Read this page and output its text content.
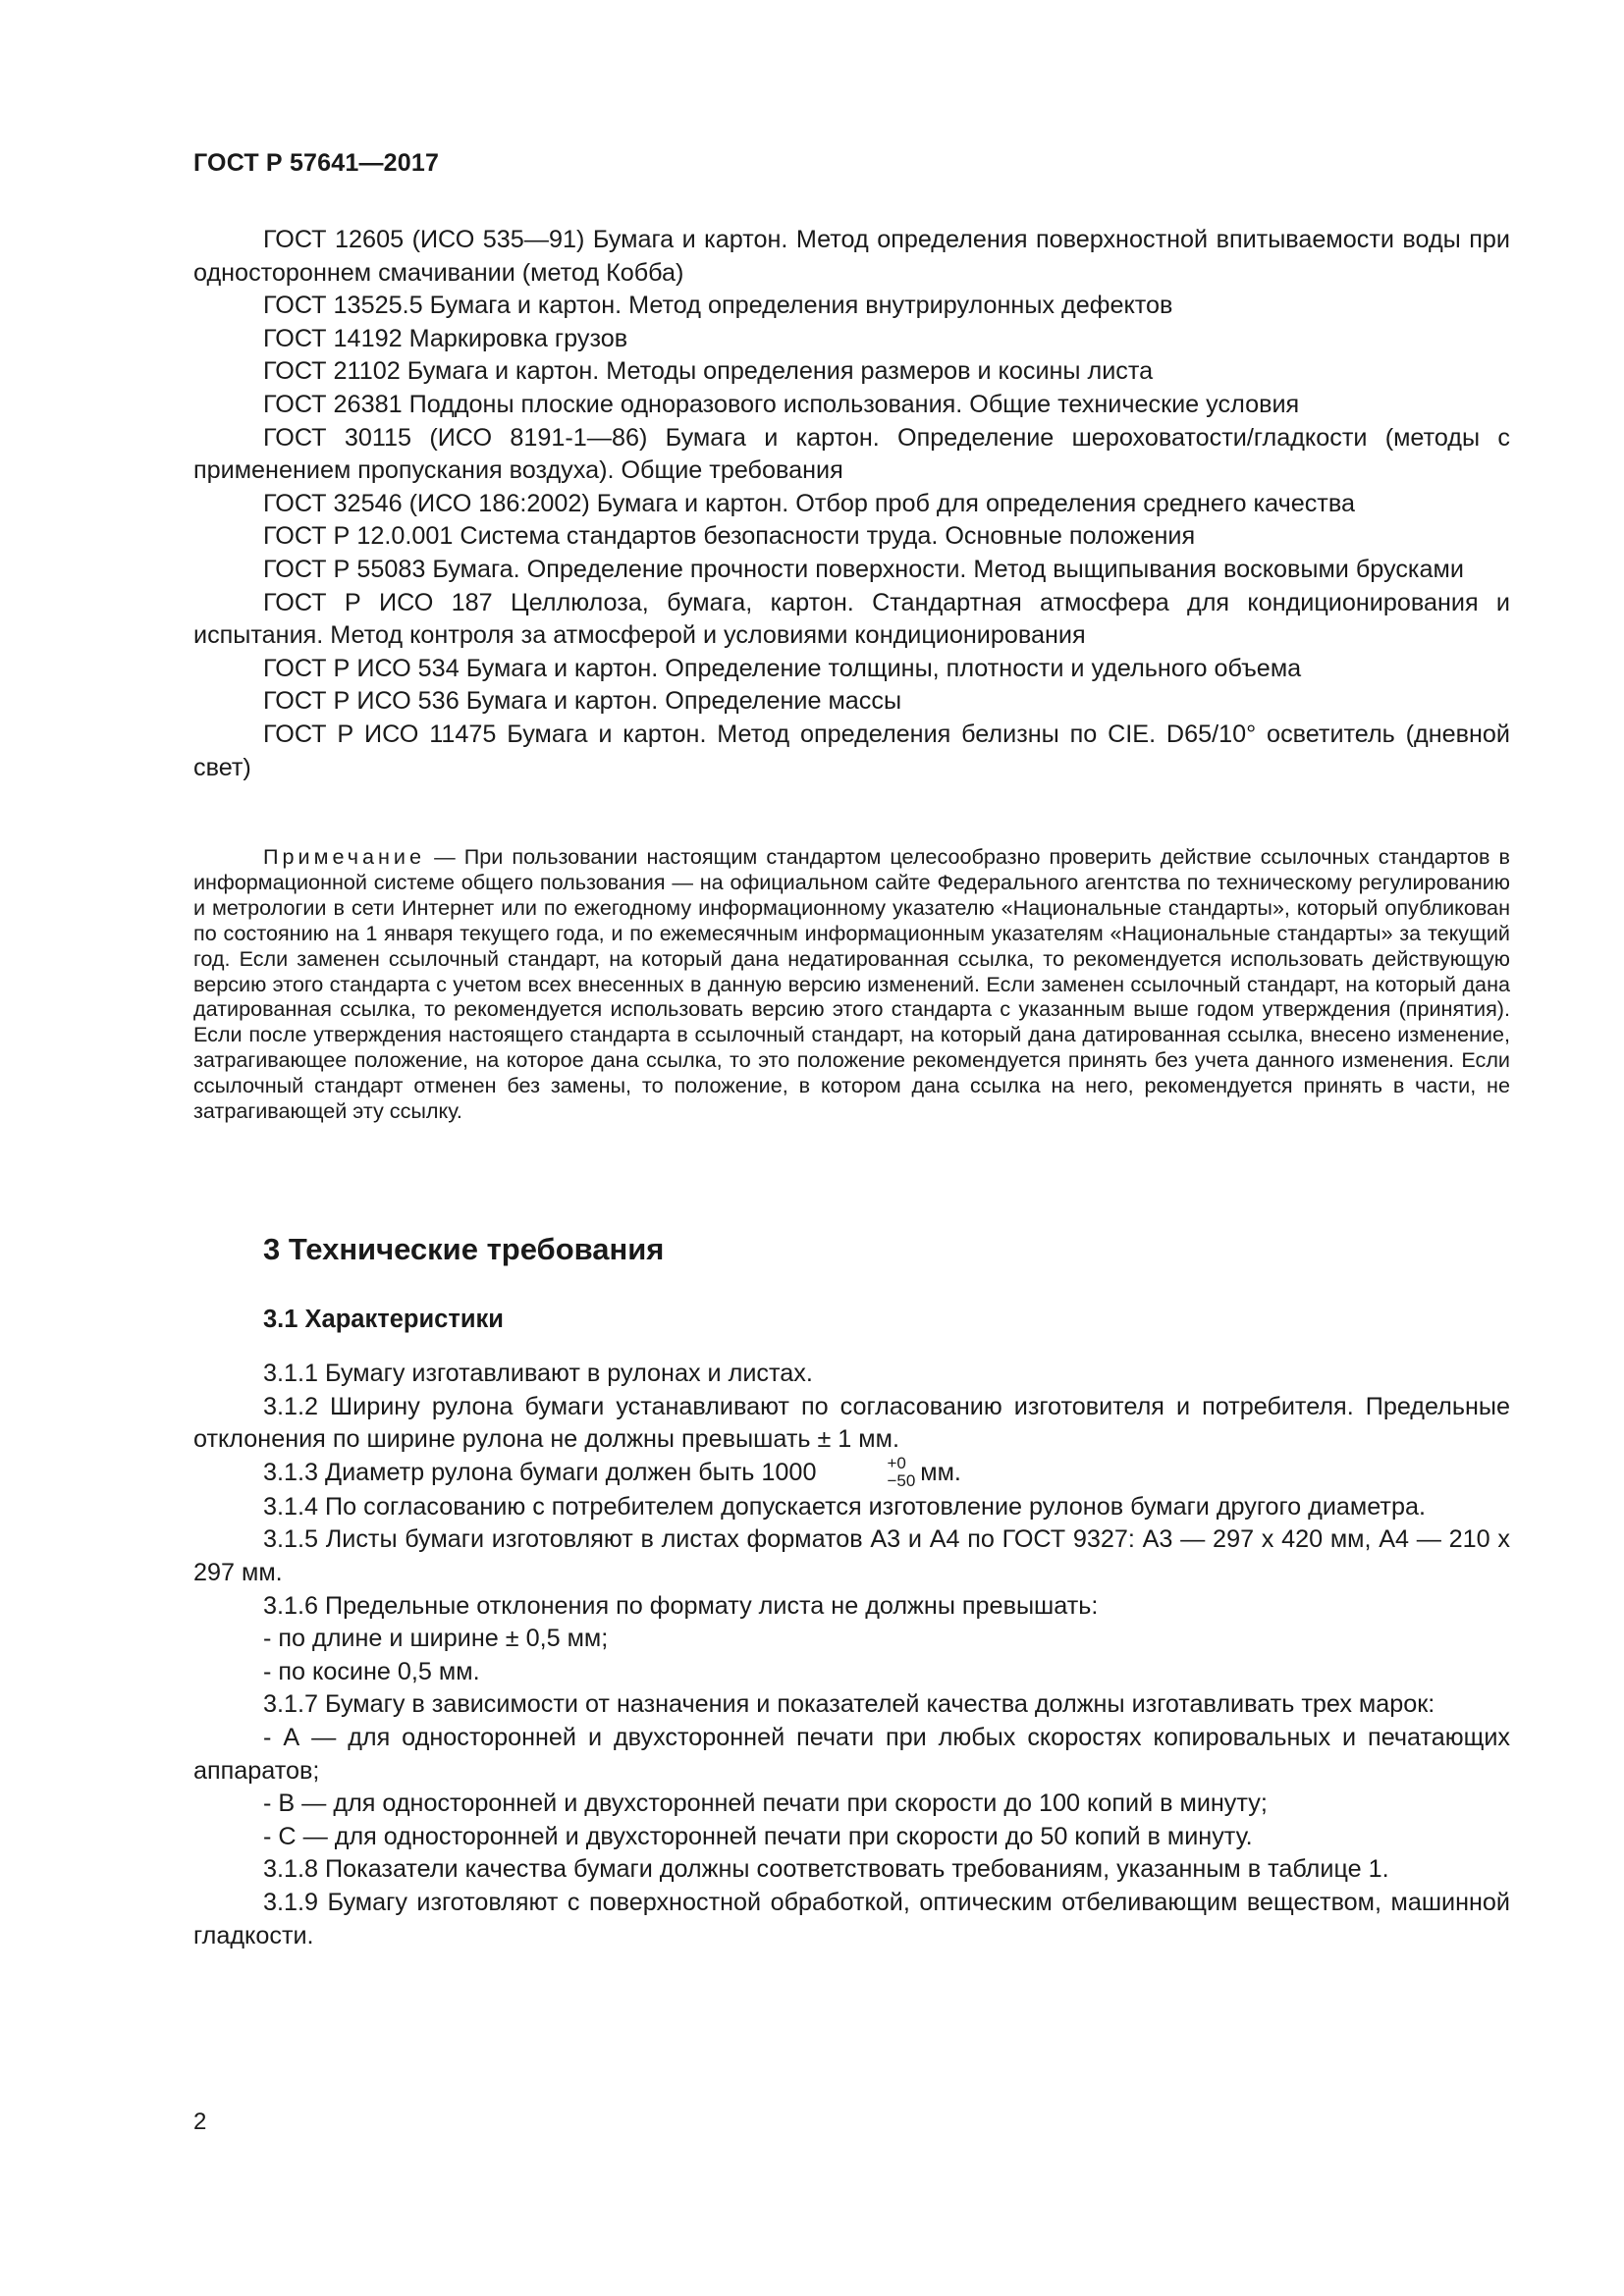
ГОСТ Р 57641—2017

ГОСТ 12605 (ИСО 535—91) Бумага и картон. Метод определения поверхностной впитываемости воды при одностороннем смачивании (метод Кобба)

ГОСТ 13525.5 Бумага и картон. Метод определения внутрирулонных дефектов

ГОСТ 14192 Маркировка грузов

ГОСТ 21102 Бумага и картон. Методы определения размеров и косины листа

ГОСТ 26381 Поддоны плоские одноразового использования. Общие технические условия

ГОСТ 30115 (ИСО 8191-1—86) Бумага и картон. Определение шероховатости/гладкости (методы с применением пропускания воздуха). Общие требования

ГОСТ 32546 (ИСО 186:2002) Бумага и картон. Отбор проб для определения среднего качества

ГОСТ Р 12.0.001 Система стандартов безопасности труда. Основные положения

ГОСТ Р 55083 Бумага. Определение прочности поверхности. Метод выщипывания восковыми брусками

ГОСТ Р ИСО 187 Целлюлоза, бумага, картон. Стандартная атмосфера для кондиционирования и испытания. Метод контроля за атмосферой и условиями кондиционирования

ГОСТ Р ИСО 534 Бумага и картон. Определение толщины, плотности и удельного объема

ГОСТ Р ИСО 536 Бумага и картон. Определение массы

ГОСТ Р ИСО 11475 Бумага и картон. Метод определения белизны по CIE. D65/10° осветитель (дневной свет)

Примечание — При пользовании настоящим стандартом целесообразно проверить действие ссылочных стандартов в информационной системе общего пользования — на официальном сайте Федерального агентства по техническому регулированию и метрологии в сети Интернет или по ежегодному информационному указателю «Национальные стандарты», который опубликован по состоянию на 1 января текущего года, и по ежемесячным информационным указателям «Национальные стандарты» за текущий год. Если заменен ссылочный стандарт, на который дана недатированная ссылка, то рекомендуется использовать действующую версию этого стандарта с учетом всех внесенных в данную версию изменений. Если заменен ссылочный стандарт, на который дана датированная ссылка, то рекомендуется использовать версию этого стандарта с указанным выше годом утверждения (принятия). Если после утверждения настоящего стандарта в ссылочный стандарт, на который дана датированная ссылка, внесено изменение, затрагивающее положение, на которое дана ссылка, то это положение рекомендуется принять без учета данного изменения. Если ссылочный стандарт отменен без замены, то положение, в котором дана ссылка на него, рекомендуется принять в части, не затрагивающей эту ссылку.

3 Технические требования
3.1 Характеристики

3.1.1 Бумагу изготавливают в рулонах и листах.

3.1.2 Ширину рулона бумаги устанавливают по согласованию изготовителя и потребителя. Предельные отклонения по ширине рулона не должны превышать ± 1 мм.

3.1.3 Диаметр рулона бумаги должен быть 1000	+0
−50 мм.

3.1.4 По согласованию с потребителем допускается изготовление рулонов бумаги другого диаметра.

3.1.5 Листы бумаги изготовляют в листах форматов А3 и А4 по ГОСТ 9327: А3 — 297 х 420 мм, А4 — 210 х 297 мм.

3.1.6 Предельные отклонения по формату листа не должны превышать:

- по длине и ширине ± 0,5 мм;

- по косине 0,5 мм.

3.1.7 Бумагу в зависимости от назначения и показателей качества должны изготавливать трех марок:

- А — для односторонней и двухсторонней печати при любых скоростях копировальных и печатающих аппаратов;

- В — для односторонней и двухсторонней печати при скорости до 100 копий в минуту;

- С — для односторонней и двухсторонней печати при скорости до 50 копий в минуту.

3.1.8 Показатели качества бумаги должны соответствовать требованиям, указанным в таблице 1.

3.1.9 Бумагу изготовляют с поверхностной обработкой, оптическим отбеливающим веществом, машинной гладкости.

2
